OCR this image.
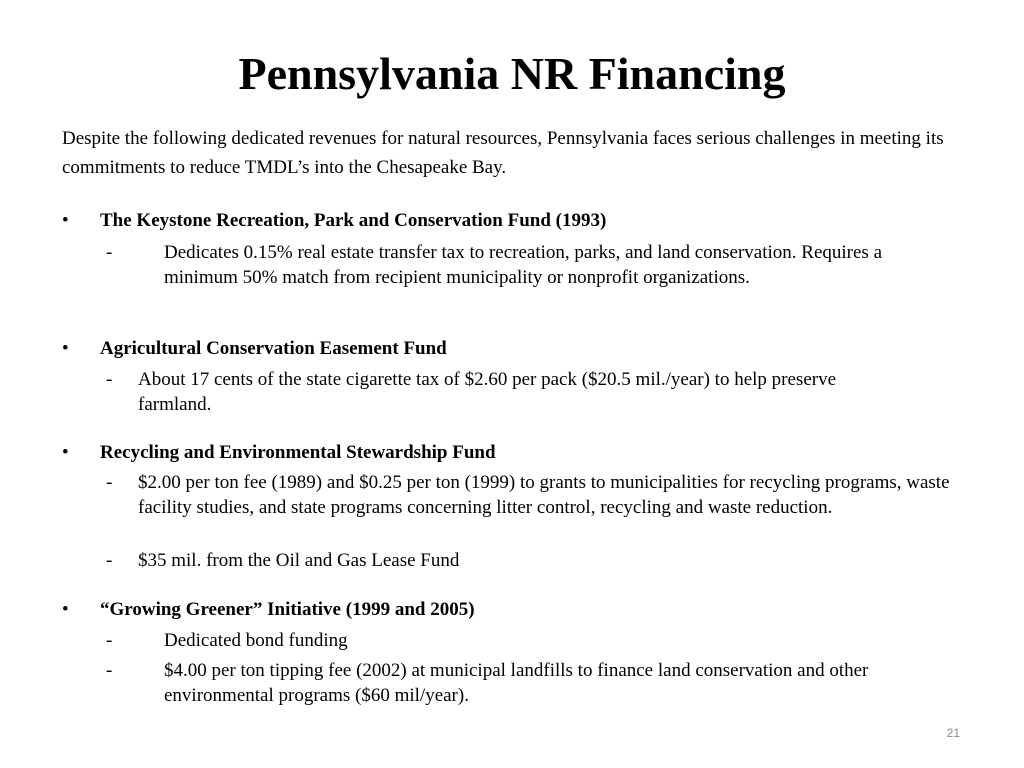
Pennsylvania NR Financing
Despite the following dedicated revenues for natural resources, Pennsylvania faces serious challenges in meeting its commitments to reduce TMDL’s into the Chesapeake Bay.
• The Keystone Recreation, Park and Conservation Fund (1993)
-	Dedicates 0.15% real estate transfer tax to recreation, parks, and land conservation. Requires a minimum 50% match from recipient municipality or nonprofit organizations.
• Agricultural Conservation Easement Fund
- About 17 cents of the state cigarette tax of $2.60 per pack ($20.5 mil./year) to help preserve farmland.
• Recycling and Environmental Stewardship Fund
-	$2.00 per ton fee (1989) and $0.25 per ton (1999) to grants to municipalities for recycling programs, waste facility studies, and state programs concerning litter control, recycling and waste reduction.
- $35 mil. from the Oil and Gas Lease Fund
• “Growing Greener” Initiative (1999 and 2005)
-	Dedicated bond funding
-	$4.00 per ton tipping fee (2002) at municipal landfills to finance land conservation and other environmental programs ($60 mil/year).
21
